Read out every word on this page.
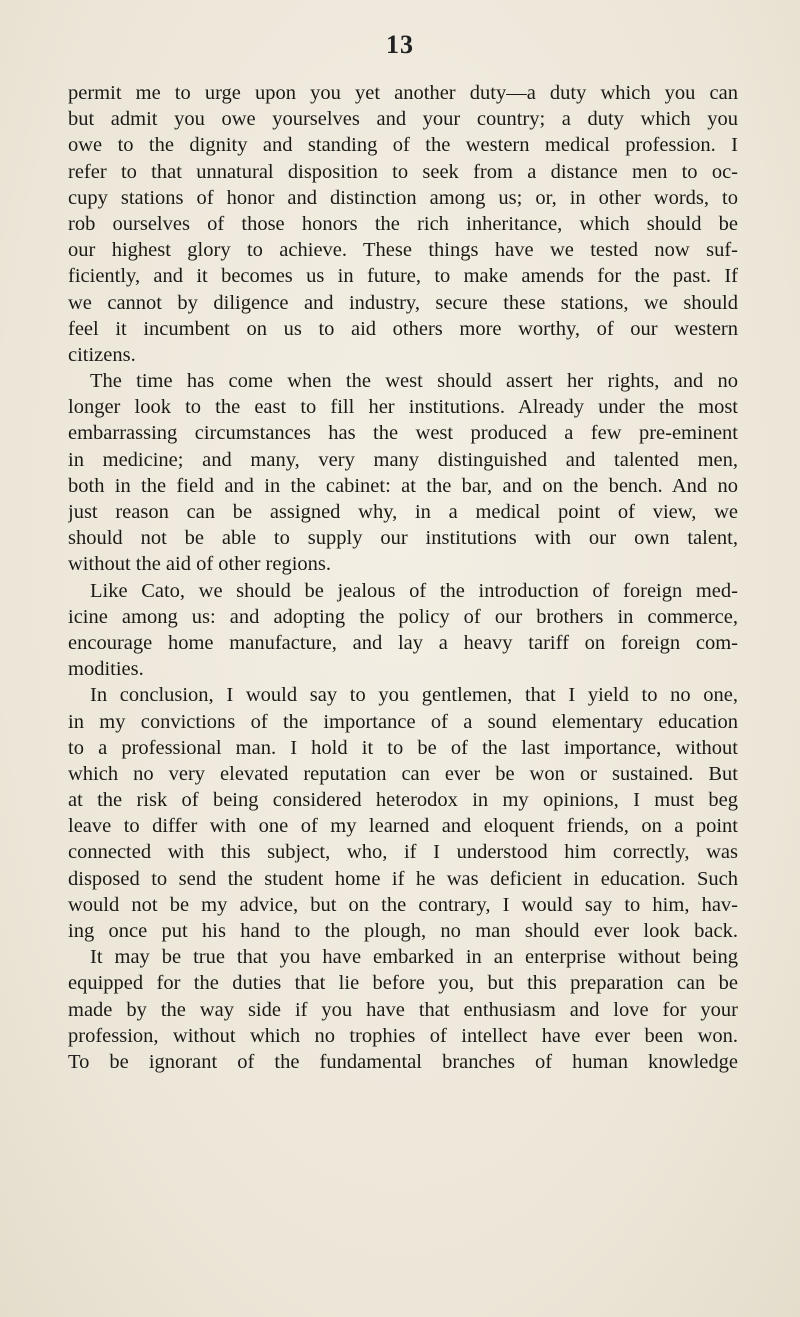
13
permit me to urge upon you yet another duty—a duty which you can
but admit you owe yourselves and your country; a duty which you
owe to the dignity and standing of the western medical profession. I
refer to that unnatural disposition to seek from a distance men to oc-
cupy stations of honor and distinction among us; or, in other words, to
rob ourselves of those honors the rich inheritance, which should be
our highest glory to achieve. These things have we tested now suf-
ficiently, and it becomes us in future, to make amends for the past. If
we cannot by diligence and industry, secure these stations, we should
feel it incumbent on us to aid others more worthy, of our western
citizens.
The time has come when the west should assert her rights, and no
longer look to the east to fill her institutions. Already under the most
embarrassing circumstances has the west produced a few pre-eminent
in medicine; and many, very many distinguished and talented men,
both in the field and in the cabinet: at the bar, and on the bench. And no
just reason can be assigned why, in a medical point of view, we
should not be able to supply our institutions with our own talent,
without the aid of other regions.
Like Cato, we should be jealous of the introduction of foreign med-
icine among us: and adopting the policy of our brothers in commerce,
encourage home manufacture, and lay a heavy tariff on foreign com-
modities.
In conclusion, I would say to you gentlemen, that I yield to no one,
in my convictions of the importance of a sound elementary education
to a professional man. I hold it to be of the last importance, without
which no very elevated reputation can ever be won or sustained. But
at the risk of being considered heterodox in my opinions, I must beg
leave to differ with one of my learned and eloquent friends, on a point
connected with this subject, who, if I understood him correctly, was
disposed to send the student home if he was deficient in education. Such
would not be my advice, but on the contrary, I would say to him, hav-
ing once put his hand to the plough, no man should ever look back.
It may be true that you have embarked in an enterprise without being
equipped for the duties that lie before you, but this preparation can be
made by the way side if you have that enthusiasm and love for your
profession, without which no trophies of intellect have ever been won.
To be ignorant of the fundamental branches of human knowledge
